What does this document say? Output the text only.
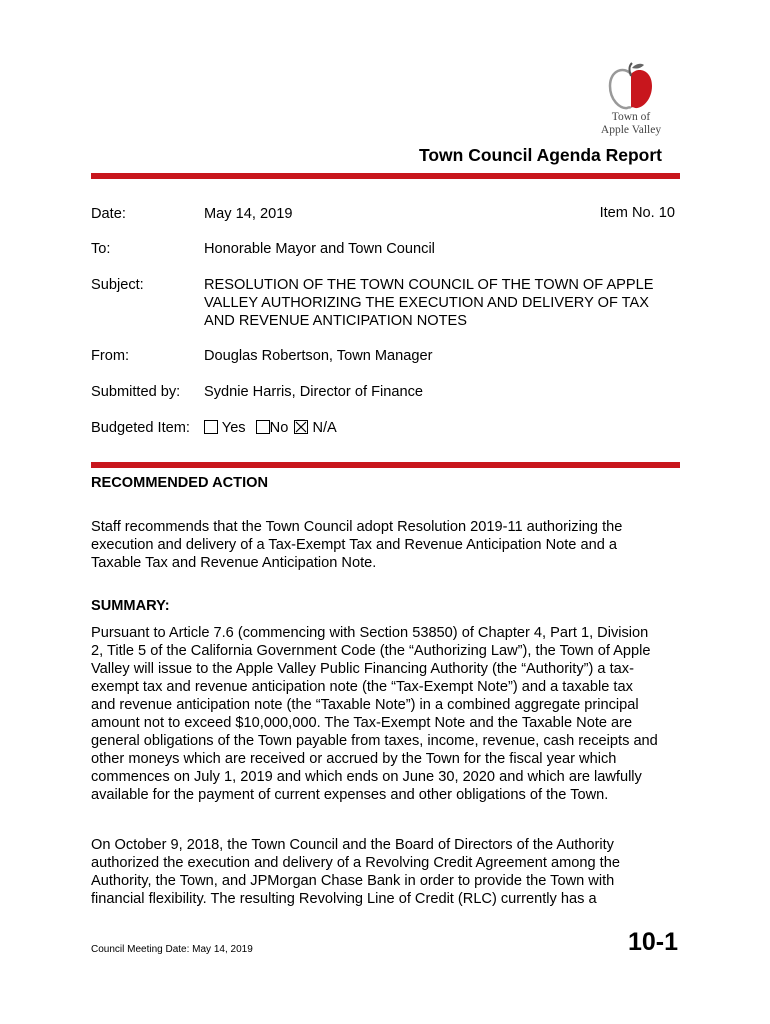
Town of
Apple Valley
Town Council Agenda Report
Date:	May 14, 2019	Item No. 10
To:	Honorable Mayor and Town Council
Subject:	RESOLUTION OF THE TOWN COUNCIL OF THE TOWN OF APPLE
VALLEY AUTHORIZING THE EXECUTION AND DELIVERY OF TAX
AND REVENUE ANTICIPATION NOTES
From:	Douglas Robertson, Town Manager
Submitted by: Sydnie Harris, Director of Finance
Budgeted Item:	Yes No N/A
RECOMMENDED ACTION
Staff recommends that the Town Council adopt Resolution 2019-11 authorizing the
execution and delivery of a Tax-Exempt Tax and Revenue Anticipation Note and a
Taxable Tax and Revenue Anticipation Note.
SUMMARY:
Pursuant to Article 7.6 (commencing with Section 53850) of Chapter 4, Part 1, Division
2, Title 5 of the California Government Code (the “Authorizing Law”), the Town of Apple
Valley will issue to the Apple Valley Public Financing Authority (the “Authority”) a tax-
exempt tax and revenue anticipation note (the “Tax-Exempt Note”) and a taxable tax
and revenue anticipation note (the “Taxable Note”) in a combined aggregate principal
amount not to exceed $10,000,000. The Tax-Exempt Note and the Taxable Note are
general obligations of the Town payable from taxes, income, revenue, cash receipts and
other moneys which are received or accrued by the Town for the fiscal year which
commences on July 1, 2019 and which ends on June 30, 2020 and which are lawfully
available for the payment of current expenses and other obligations of the Town.
On October 9, 2018, the Town Council and the Board of Directors of the Authority
authorized the execution and delivery of a Revolving Credit Agreement among the
Authority, the Town, and JPMorgan Chase Bank in order to provide the Town with
financial flexibility. The resulting Revolving Line of Credit (RLC) currently has a
Council Meeting Date: May 14, 2019	10-1
